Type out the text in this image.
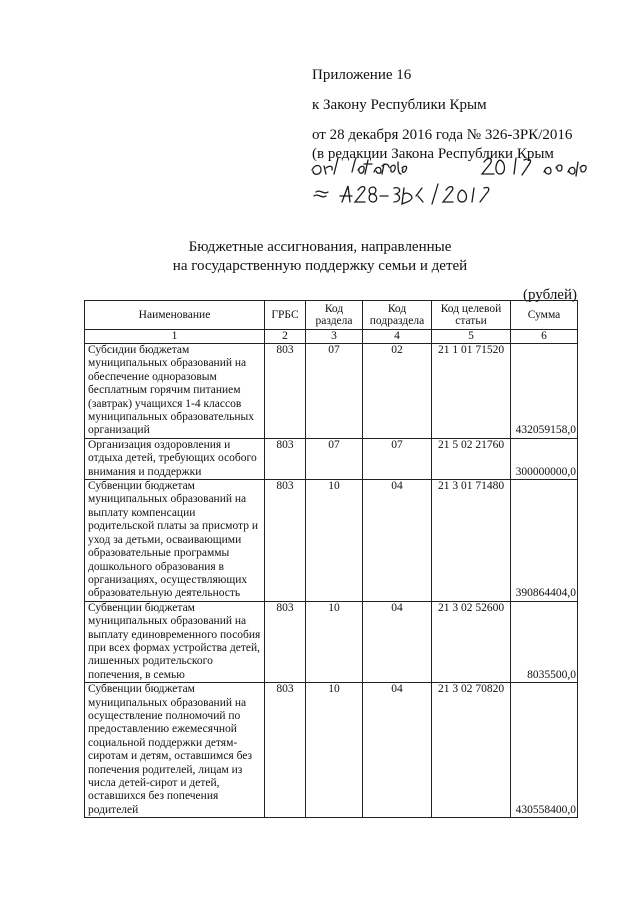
Приложение 16
к Закону Республики Крым
от 28 декабря 2016 года № 326-ЗРК/2016
(в редакции Закона Республики Крым
Бюджетные ассигнования, направленные
на государственную поддержку семьи и детей
(рублей)
Наименование	ГРБС	Код раздела	Код подраздела	Код целевой статьи	Сумма
1	2	3	4	5	6
Субсидии бюджетам муниципальных образований на обеспечение одноразовым бесплатным горячим питанием (завтрак) учащихся 1-4 классов муниципальных образовательных организаций	803	07	02	21 1 01 71520	432059158,0
Организация оздоровления и отдыха детей, требующих особого внимания и поддержки	803	07	07	21 5 02 21760	300000000,0
Субвенции бюджетам муниципальных образований на выплату компенсации родительской платы за присмотр и уход за детьми, осваивающими образовательные программы дошкольного образования в организациях, осуществляющих образовательную деятельность	803	10	04	21 3 01 71480	390864404,0
Субвенции бюджетам муниципальных образований на выплату единовременного пособия при всех формах устройства детей, лишенных родительского попечения, в семью	803	10	04	21 3 02 52600	8035500,0
Субвенции бюджетам муниципальных образований на осуществление полномочий по предоставлению ежемесячной социальной поддержки детям-сиротам и детям, оставшимся без попечения родителей, лицам из числа детей-сирот и детей, оставшихся без попечения родителей	803	10	04	21 3 02 70820	430558400,0
